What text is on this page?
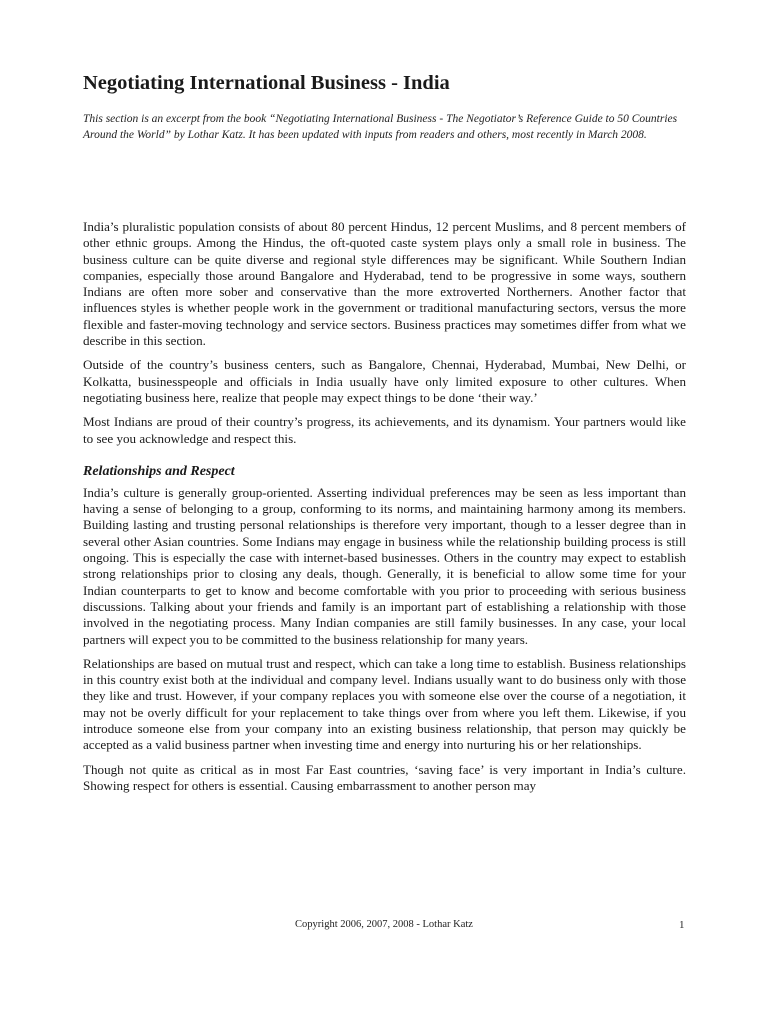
Negotiating International Business - India

This section is an excerpt from the book “Negotiating International Business - The Negotiator’s Reference Guide to 50 Countries Around the World” by Lothar Katz. It has been updated with inputs from readers and others, most recently in March 2008.

India’s pluralistic population consists of about 80 percent Hindus, 12 percent Muslims, and 8 percent members of other ethnic groups. Among the Hindus, the oft-quoted caste system plays only a small role in business. The business culture can be quite diverse and regional style differences may be significant. While Southern Indian companies, especially those around Bangalore and Hyderabad, tend to be progressive in some ways, southern Indians are often more sober and conservative than the more extroverted Northerners. Another factor that influences styles is whether people work in the government or traditional manufacturing sectors, versus the more flexible and faster-moving technology and service sectors. Business practices may sometimes differ from what we describe in this section.

Outside of the country’s business centers, such as Bangalore, Chennai, Hyderabad, Mumbai, New Delhi, or Kolkatta, businesspeople and officials in India usually have only limited exposure to other cultures. When negotiating business here, realize that people may expect things to be done ‘their way.’

Most Indians are proud of their country’s progress, its achievements, and its dynamism. Your partners would like to see you acknowledge and respect this.

Relationships and Respect

India’s culture is generally group-oriented. Asserting individual preferences may be seen as less important than having a sense of belonging to a group, conforming to its norms, and maintaining harmony among its members. Building lasting and trusting personal relationships is therefore very important, though to a lesser degree than in several other Asian countries. Some Indians may engage in business while the relationship building process is still ongoing. This is especially the case with internet-based businesses. Others in the country may expect to establish strong relationships prior to closing any deals, though. Generally, it is beneficial to allow some time for your Indian counterparts to get to know and become comfortable with you prior to proceeding with serious business discussions. Talking about your friends and family is an important part of establishing a relationship with those involved in the negotiating process. Many Indian companies are still family businesses. In any case, your local partners will expect you to be committed to the business relationship for many years.

Relationships are based on mutual trust and respect, which can take a long time to establish. Business relationships in this country exist both at the individual and company level. Indians usually want to do business only with those they like and trust. However, if your company replaces you with someone else over the course of a negotiation, it may not be overly difficult for your replacement to take things over from where you left them. Likewise, if you introduce someone else from your company into an existing business relationship, that person may quickly be accepted as a valid business partner when investing time and energy into nurturing his or her relationships.

Though not quite as critical as in most Far East countries, ‘saving face’ is very important in India’s culture. Showing respect for others is essential. Causing embarrassment to another person may

Copyright 2006, 2007, 2008 - Lothar Katz	1
